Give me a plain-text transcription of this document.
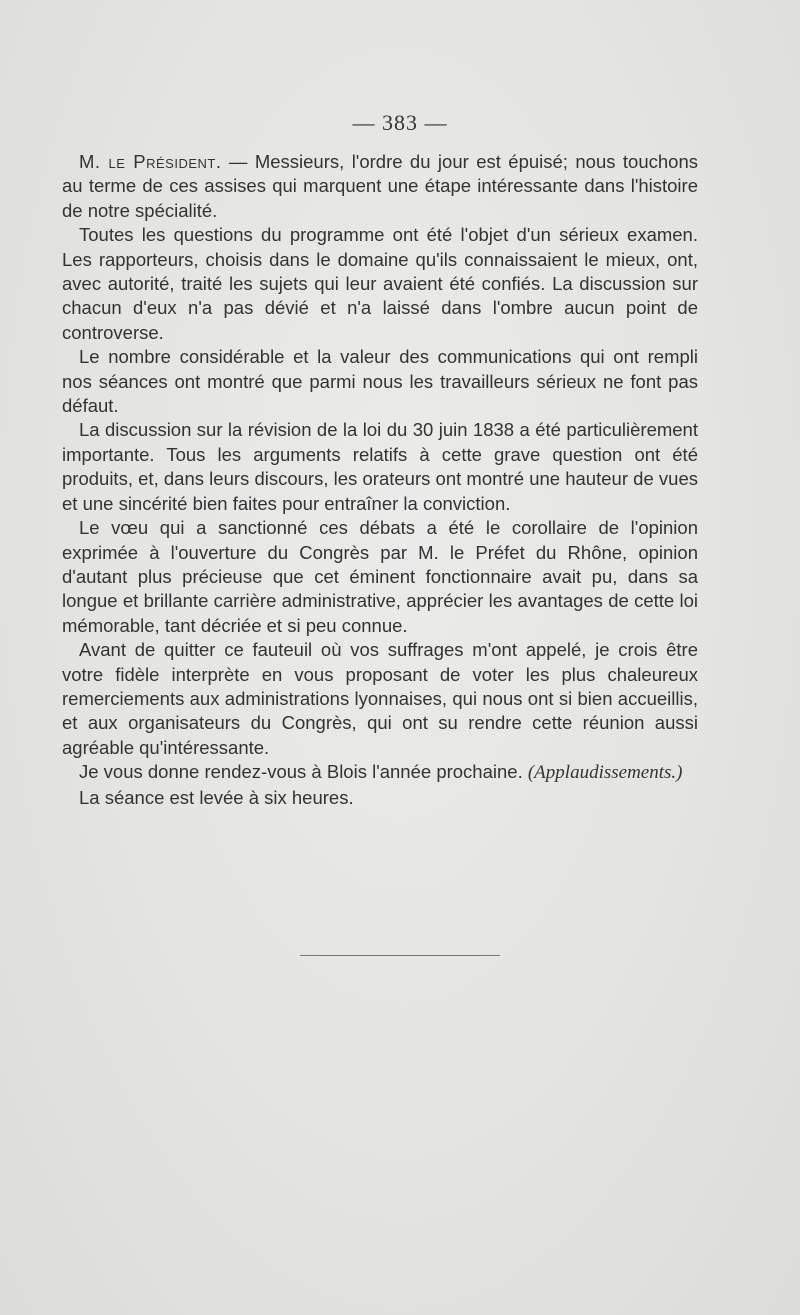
— 383 —

M. le Président. — Messieurs, l'ordre du jour est épuisé; nous touchons au terme de ces assises qui marquent une étape intéressante dans l'histoire de notre spécialité.

Toutes les questions du programme ont été l'objet d'un sérieux examen. Les rapporteurs, choisis dans le domaine qu'ils connaissaient le mieux, ont, avec autorité, traité les sujets qui leur avaient été confiés. La discussion sur chacun d'eux n'a pas dévié et n'a laissé dans l'ombre aucun point de controverse.

Le nombre considérable et la valeur des communications qui ont rempli nos séances ont montré que parmi nous les travailleurs sérieux ne font pas défaut.

La discussion sur la révision de la loi du 30 juin 1838 a été particulièrement importante. Tous les arguments relatifs à cette grave question ont été produits, et, dans leurs discours, les orateurs ont montré une hauteur de vues et une sincérité bien faites pour entraîner la conviction.

Le vœu qui a sanctionné ces débats a été le corollaire de l'opinion exprimée à l'ouverture du Congrès par M. le Préfet du Rhône, opinion d'autant plus précieuse que cet éminent fonctionnaire avait pu, dans sa longue et brillante carrière administrative, apprécier les avantages de cette loi mémorable, tant décriée et si peu connue.

Avant de quitter ce fauteuil où vos suffrages m'ont appelé, je crois être votre fidèle interprète en vous proposant de voter les plus chaleureux remerciements aux administrations lyonnaises, qui nous ont si bien accueillis, et aux organisateurs du Congrès, qui ont su rendre cette réunion aussi agréable qu'intéressante.

Je vous donne rendez-vous à Blois l'année prochaine. (Applaudissements.)

La séance est levée à six heures.
